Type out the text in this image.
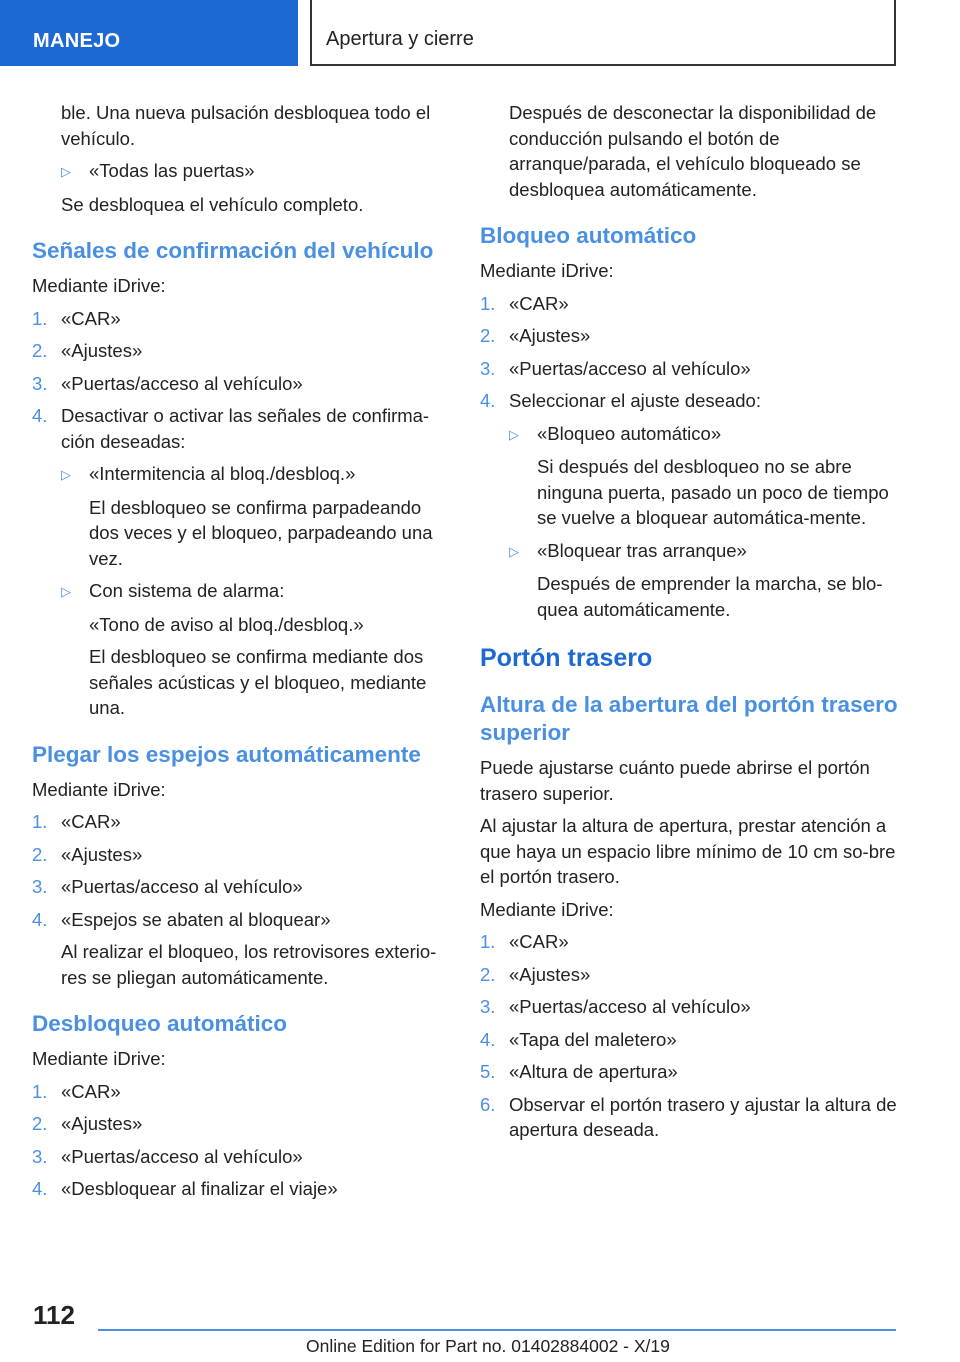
MANEJO	Apertura y cierre
ble. Una nueva pulsación desbloquea todo el vehículo.
▷ «Todas las puertas»
Se desbloquea el vehículo completo.
Señales de confirmación del vehículo
Mediante iDrive:
1. «CAR»
2. «Ajustes»
3. «Puertas/acceso al vehículo»
4. Desactivar o activar las señales de confirma-ción deseadas:
▷ «Intermitencia al bloq./desbloq.»
El desbloqueo se confirma parpadeando dos veces y el bloqueo, parpadeando una vez.
▷ Con sistema de alarma:
«Tono de aviso al bloq./desbloq.»
El desbloqueo se confirma mediante dos señales acústicas y el bloqueo, mediante una.
Plegar los espejos automáticamente
Mediante iDrive:
1. «CAR»
2. «Ajustes»
3. «Puertas/acceso al vehículo»
4. «Espejos se abaten al bloquear»
Al realizar el bloqueo, los retrovisores exterio-res se pliegan automáticamente.
Desbloqueo automático
Mediante iDrive:
1. «CAR»
2. «Ajustes»
3. «Puertas/acceso al vehículo»
4. «Desbloquear al finalizar el viaje»
Después de desconectar la disponibilidad de conducción pulsando el botón de arranque/parada, el vehículo bloqueado se desbloquea automáticamente.
Bloqueo automático
Mediante iDrive:
1. «CAR»
2. «Ajustes»
3. «Puertas/acceso al vehículo»
4. Seleccionar el ajuste deseado:
▷ «Bloqueo automático»
Si después del desbloqueo no se abre ninguna puerta, pasado un poco de tiempo se vuelve a bloquear automática-mente.
▷ «Bloquear tras arranque»
Después de emprender la marcha, se blo-quea automáticamente.
Portón trasero
Altura de la abertura del portón trasero superior
Puede ajustarse cuánto puede abrirse el portón trasero superior.
Al ajustar la altura de apertura, prestar atención a que haya un espacio libre mínimo de 10 cm so-bre el portón trasero.
Mediante iDrive:
1. «CAR»
2. «Ajustes»
3. «Puertas/acceso al vehículo»
4. «Tapa del maletero»
5. «Altura de apertura»
6. Observar el portón trasero y ajustar la altura de apertura deseada.
112
Online Edition for Part no. 01402884002 - X/19
